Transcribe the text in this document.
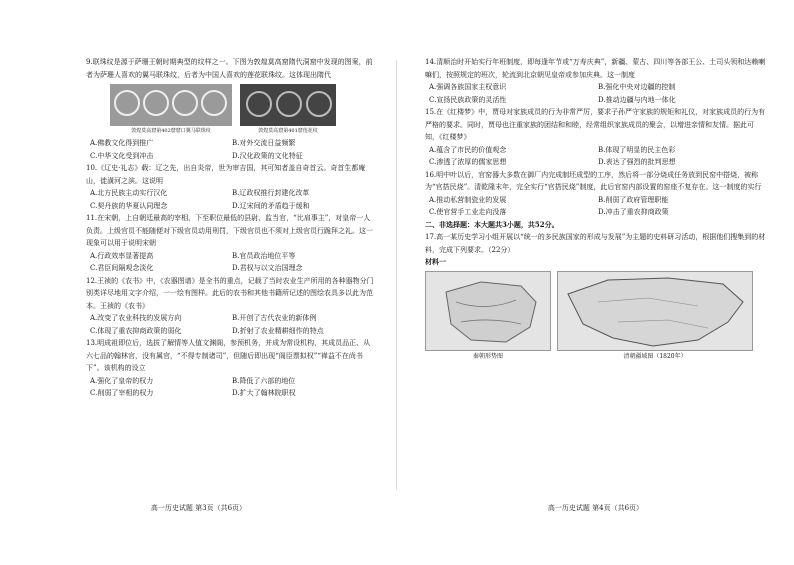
9.联珠纹是源于萨珊王朝时期典型的纹样之一。下图为敦煌莫高窟隋代洞窟中发现的图案，前者为萨珊人喜欢的翼马联珠纹，后者为中国人喜欢的莲花联珠纹。这体现出隋代

敦煌莫高窟第402窟窟口翼马联珠纹	敦煌莫高窟第401窟莲花纹
A.佛教文化得到推广	B.对外交流日益频繁
C.中华文化受到冲击	D.汉化政策的文化特征

10.《辽史·礼志》载：辽之先，出自炎帝，世为审吉国，其可知者盖自奇首云。奇首生都庵山，徙潢河之滨。这说明

A.北方民族主动实行汉化	B.辽政权推行封建化改革
C.契丹族的华夏认同理念	D.辽宋间的矛盾趋于缓和

11.在宋朝，上自朝廷最高的宰相，下至职位最低的县尉、监当官，“比肩事主”，对皇帝一人负责。上级官员不能随便对下级官员动用刑罚，下级官员也不须对上级官员行跪拜之礼。这一现象可以用于说明宋朝

A.行政效率显著提高	B.官员政治地位平等
C.君臣间隔观念淡化	D.君权与以文治国理念

12.王祯的《农书》中，《农器图谱》是全书的重点，记载了当时农业生产所用的各种器物分门别类详尽地用文字介绍，一一绘有图样。此后的农书和其他书籍所记述的图绘农具多以此为范本。王祯的《农书》

A.改变了农业科技的发展方向	B.开创了古代农业的新体例
C.体现了重农抑商政策的弱化	D.折射了农业精耕细作的特点

13.明成祖即位后，选拔了解情等人值文渊阁，参预机务，并成为常设机构，其成员品正、从六七品的翰林官，没有属官，“不得专制诸司”，但随后即出现“阁臣票拟权”“禅益不在尚书下”。该机构的设立

A.强化了皇帝的权力	B.降低了六部的地位
C.削弱了宰相的权力	D.扩大了翰林院职权
高一历史试题 第3页（共6页）

14.清顺治时开始实行年班制度，即每逢年节或“万寿庆典”，新疆、蒙古、四川等各部王公、土司头领和达赖喇嘛们，按照规定的班次，轮流到北京朝见皇帝或参加庆典。这一制度

A.强调各族国家主权意识	B.强化中央对边疆的控制
C.宣扬民族政策的灵活性	D.推动边疆与内地一体化

15.在《红楼梦》中，贾母对家族成员的行为非常严厉，要求子孙严守家族的规矩和礼仪，对家族成员的行为有严格的要求。同时，贾母也注重家族的团结和和睦，经常组织家族成员的聚会，以增进亲情和友情。据此可知，《红楼梦》

A.蕴含了市民的价值观念	B.体现了明显的民主色彩
C.渗透了浓厚的儒家思想	D.表达了强烈的批判思想

16.明中叶以后，官窑器大多数在御厂内完成制坯成型的工序，然后将一部分烧成任务放到民窑中搭烧，被称为“官搭民烧”。清乾隆末年，完全实行“官搭民烧”制度，此后官窑内部设置的窑座不复存在。这一制度的实行

A.推动私营制瓷业的发展	B.削弱了政府管理职能
C.使官营手工业走向没落	D.冲击了重农抑商政策

二、非选择题：本大题共3小题，共52分。

17.高一某历史学习小组开展以“统一的多民族国家的形成与发展”为主题的史料研习活动，根据他们搜集到的材料，完成下列要求。（22分）

材料一

秦朝形势图	清朝疆域图（1820年）
高一历史试题 第4页（共6页）
